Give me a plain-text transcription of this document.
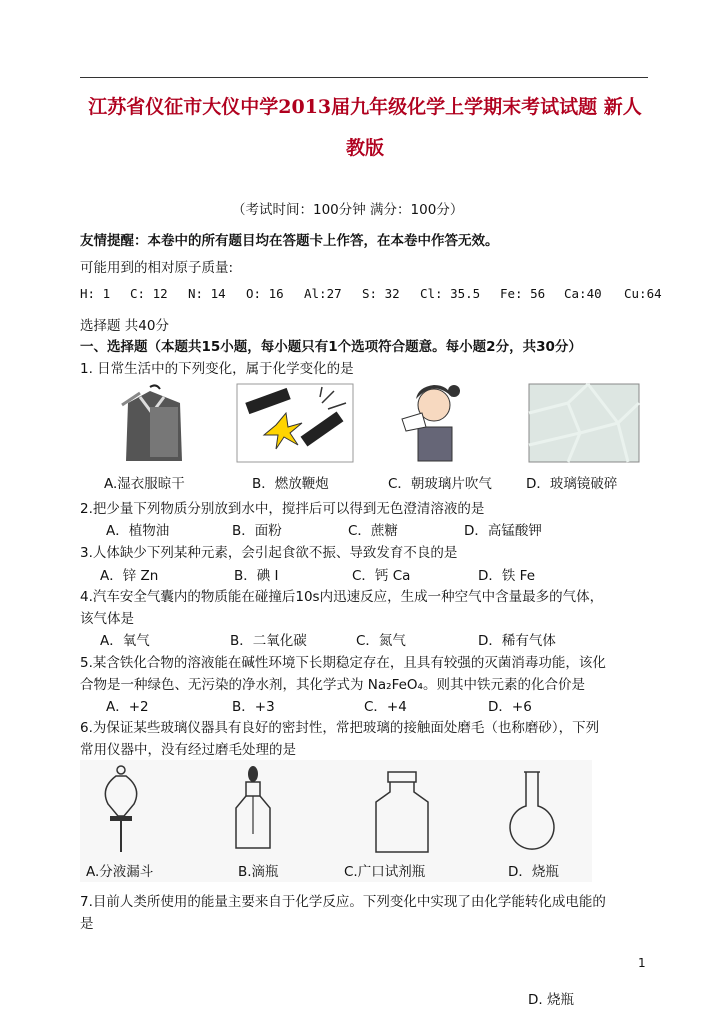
江苏省仪征市大仪中学2013届九年级化学上学期末考试试题 新人
教版
（考试时间：100分钟 满分：100分）
友情提醒：本卷中的所有题目均在答题卡上作答，在本卷中作答无效。
可能用到的相对原子质量:
H: 1 C: 12 N: 14 O: 16 Al:27 S: 32 Cl: 35.5 Fe: 56 Ca:40 Cu:64
选择题 共40分
一、选择题（本题共15小题，每小题只有1个选项符合题意。每小题2分，共30分）
1. 日常生活中的下列变化，属于化学变化的是
A.湿衣服晾干	B．燃放鞭炮	C．朝玻璃片吹气	D．玻璃镜破碎
2.把少量下列物质分别放到水中，搅拌后可以得到无色澄清溶液的是
A．植物油	B．面粉	C．蔗糖	D．高锰酸钾
3.人体缺少下列某种元素，会引起食欲不振、导致发育不良的是
A．锌 Zn	B．碘 I	C．钙 Ca	D．铁 Fe
4.汽车安全气囊内的物质能在碰撞后10s内迅速反应，生成一种空气中含量最多的气体，
该气体是
A．氧气	B．二氧化碳	C．氮气	D．稀有气体
5.某含铁化合物的溶液能在碱性环境下长期稳定存在，且具有较强的灭菌消毒功能，该化
合物是一种绿色、无污染的净水剂，其化学式为 Na₂FeO₄。则其中铁元素的化合价是
A．+2	B．+3	C．+4	D．+6
6.为保证某些玻璃仪器具有良好的密封性，常把玻璃的接触面处磨毛（也称磨砂），下列
常用仪器中，没有经过磨毛处理的是
A.分液漏斗	B.滴瓶	C.广口试剂瓶	D．烧瓶
7.目前人类所使用的能量主要来自于化学反应。下列变化中实现了由化学能转化成电能的
是
1
D. 烧瓶
